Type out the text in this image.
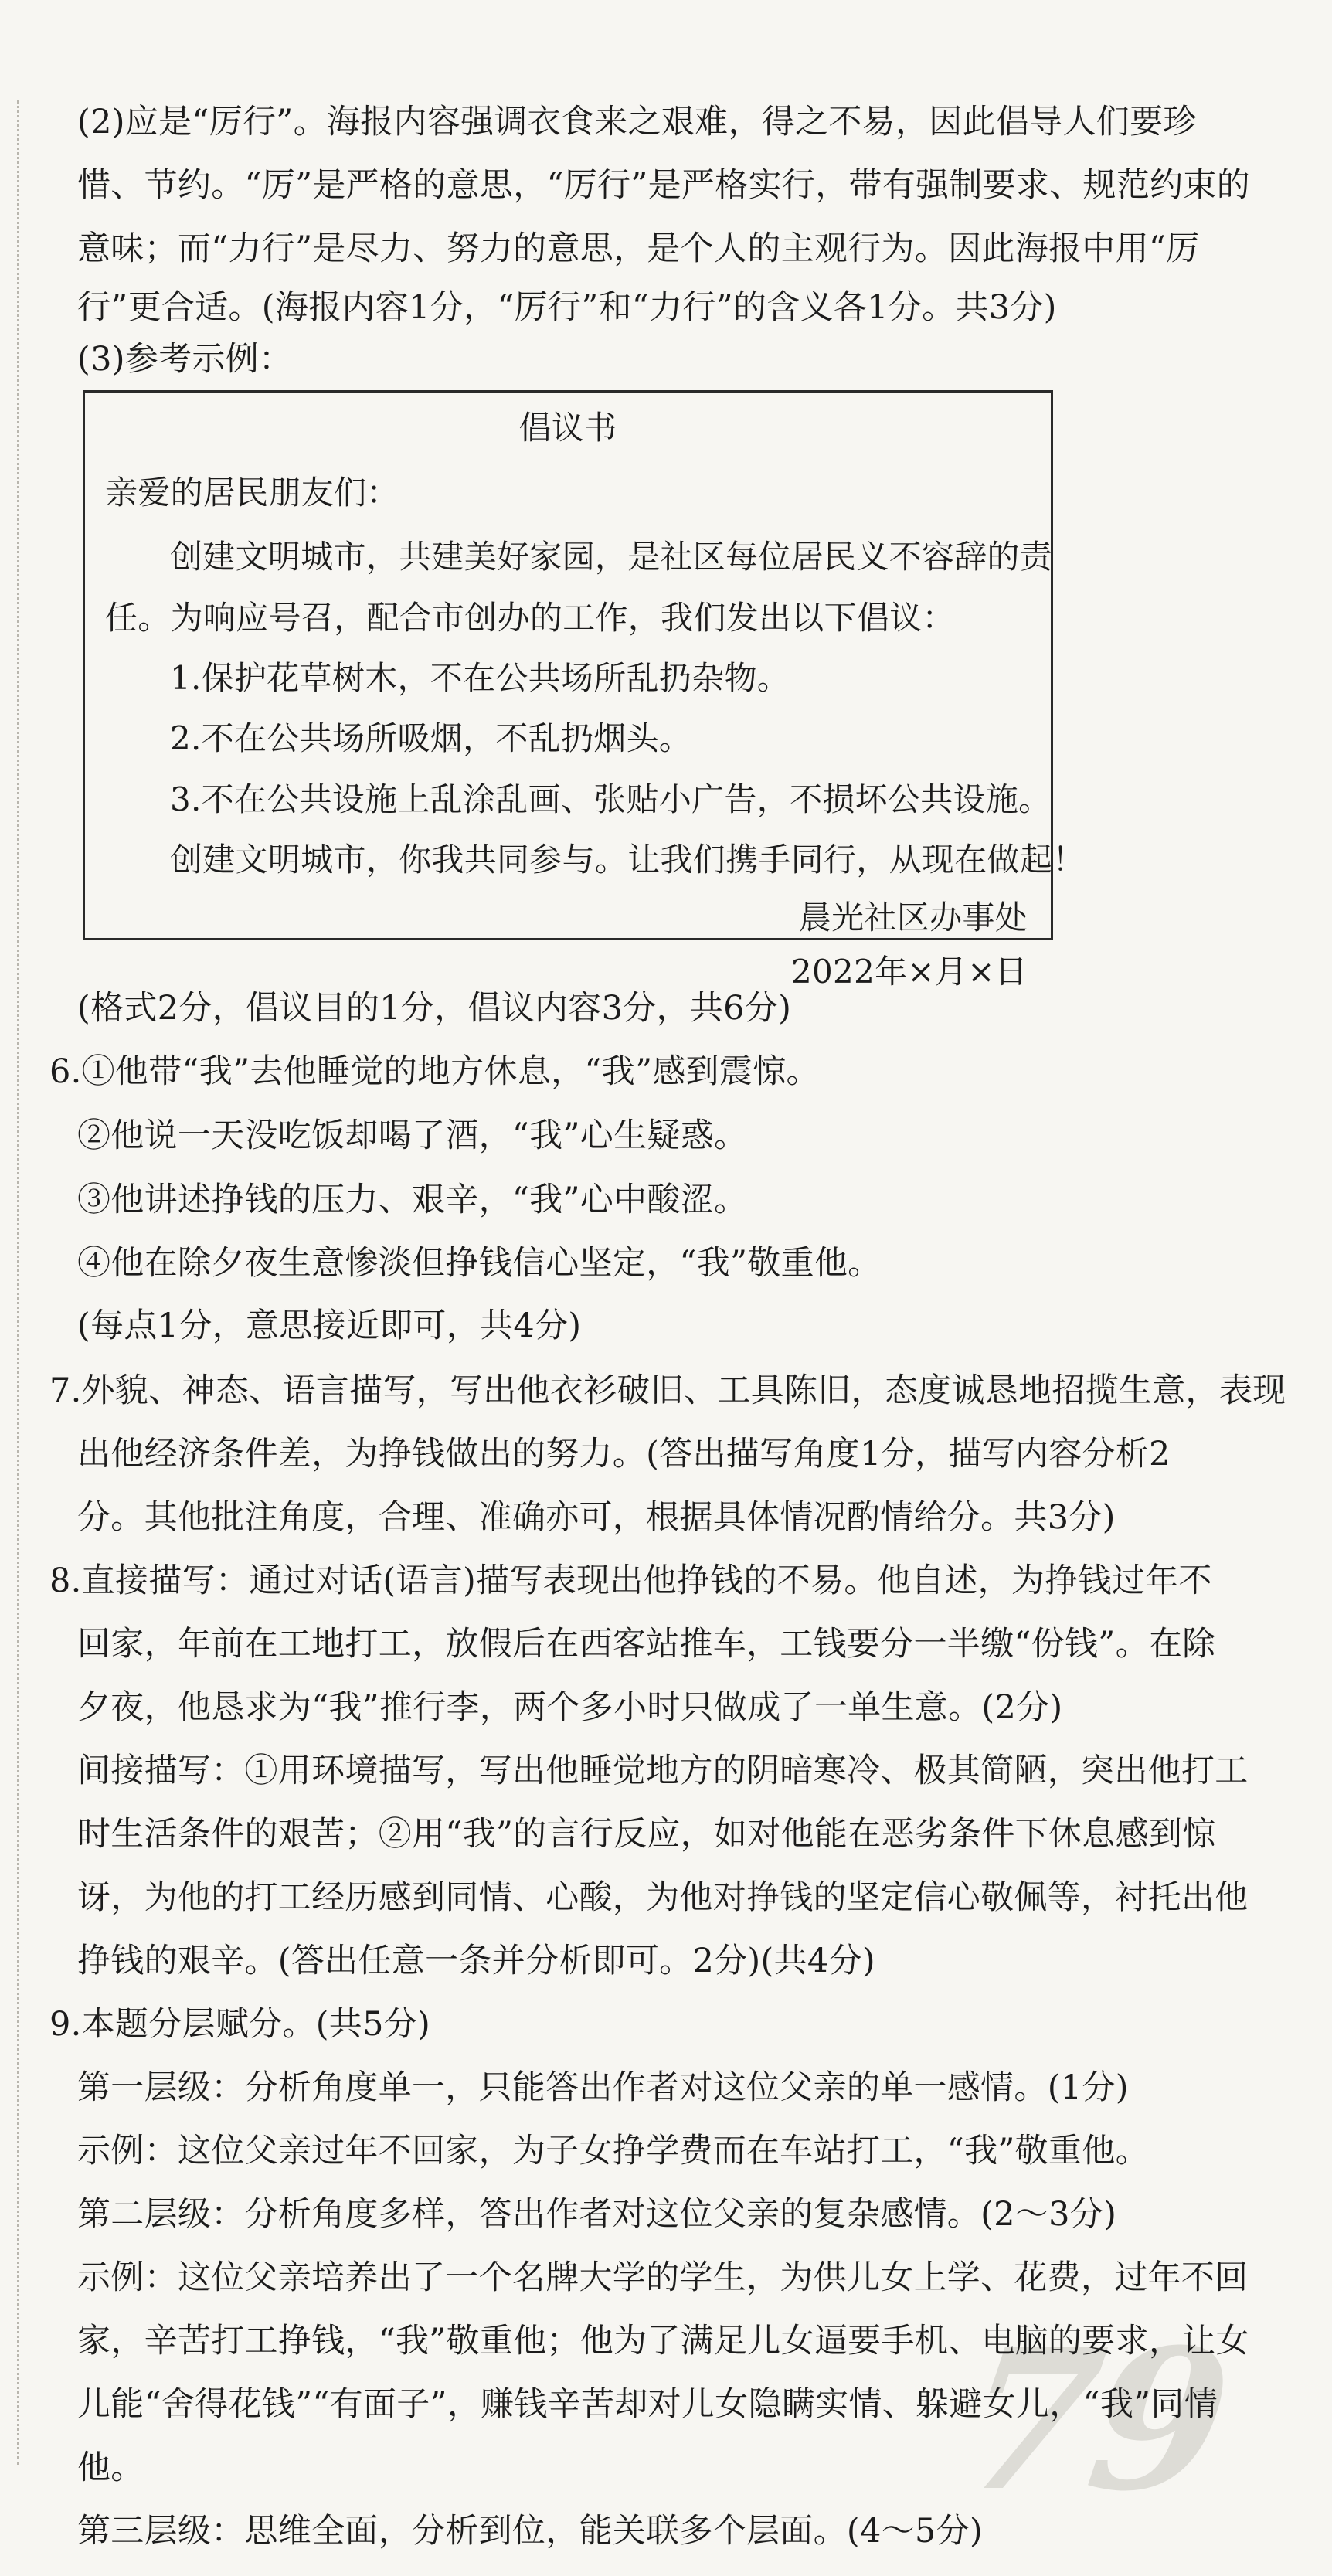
79
(2)应是“厉行”。海报内容强调衣食来之艰难，得之不易，因此倡导人们要珍
惜、节约。“厉”是严格的意思，“厉行”是严格实行，带有强制要求、规范约束的
意味；而“力行”是尽力、努力的意思，是个人的主观行为。因此海报中用“厉
行”更合适。(海报内容1分，“厉行”和“力行”的含义各1分。共3分)
(3)参考示例：
倡议书
亲爱的居民朋友们：
创建文明城市，共建美好家园，是社区每位居民义不容辞的责
任。为响应号召，配合市创办的工作，我们发出以下倡议：
1.保护花草树木，不在公共场所乱扔杂物。
2.不在公共场所吸烟，不乱扔烟头。
3.不在公共设施上乱涂乱画、张贴小广告，不损坏公共设施。
创建文明城市，你我共同参与。让我们携手同行，从现在做起！
晨光社区办事处
2022年×月×日
(格式2分，倡议目的1分，倡议内容3分，共6分)
6.①他带“我”去他睡觉的地方休息，“我”感到震惊。
②他说一天没吃饭却喝了酒，“我”心生疑惑。
③他讲述挣钱的压力、艰辛，“我”心中酸涩。
④他在除夕夜生意惨淡但挣钱信心坚定，“我”敬重他。
(每点1分，意思接近即可，共4分)
7.外貌、神态、语言描写，写出他衣衫破旧、工具陈旧，态度诚恳地招揽生意，表现
出他经济条件差，为挣钱做出的努力。(答出描写角度1分，描写内容分析2
分。其他批注角度，合理、准确亦可，根据具体情况酌情给分。共3分)
8.直接描写：通过对话(语言)描写表现出他挣钱的不易。他自述，为挣钱过年不
回家，年前在工地打工，放假后在西客站推车，工钱要分一半缴“份钱”。在除
夕夜，他恳求为“我”推行李，两个多小时只做成了一单生意。(2分)
间接描写：①用环境描写，写出他睡觉地方的阴暗寒冷、极其简陋，突出他打工
时生活条件的艰苦；②用“我”的言行反应，如对他能在恶劣条件下休息感到惊
讶，为他的打工经历感到同情、心酸，为他对挣钱的坚定信心敬佩等，衬托出他
挣钱的艰辛。(答出任意一条并分析即可。2分)(共4分)
9.本题分层赋分。(共5分)
第一层级：分析角度单一，只能答出作者对这位父亲的单一感情。(1分)
示例：这位父亲过年不回家，为子女挣学费而在车站打工，“我”敬重他。
第二层级：分析角度多样，答出作者对这位父亲的复杂感情。(2～3分)
示例：这位父亲培养出了一个名牌大学的学生，为供儿女上学、花费，过年不回
家，辛苦打工挣钱，“我”敬重他；他为了满足儿女逼要手机、电脑的要求，让女
儿能“舍得花钱”“有面子”，赚钱辛苦却对儿女隐瞒实情、躲避女儿，“我”同情
他。
第三层级：思维全面，分析到位，能关联多个层面。(4～5分)
